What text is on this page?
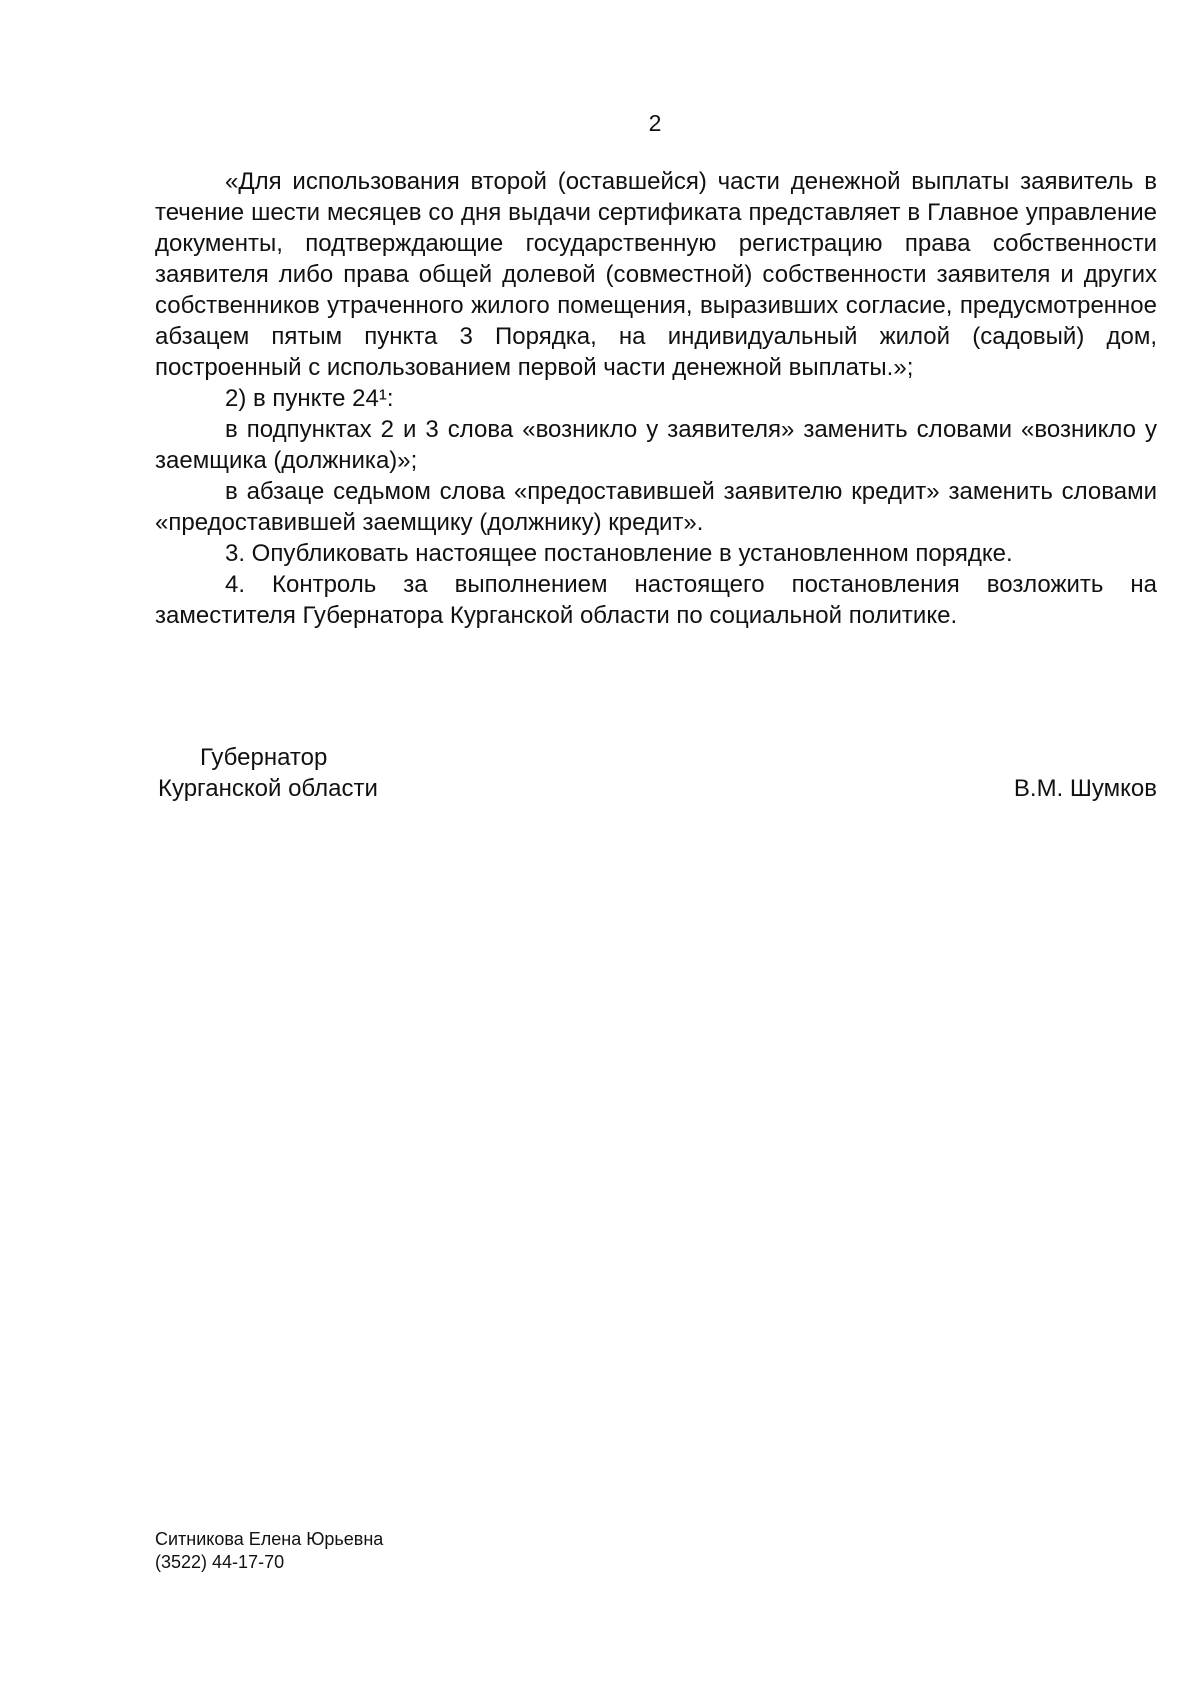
2

«Для использования второй (оставшейся) части денежной выплаты заявитель в течение шести месяцев со дня выдачи сертификата представляет в Главное управление документы, подтверждающие государственную регистрацию права собственности заявителя либо права общей долевой (совместной) собственности заявителя и других собственников утраченного жилого помещения, выразивших согласие, предусмотренное абзацем пятым пункта 3 Порядка, на индивидуальный жилой (садовый) дом, построенный с использованием первой части денежной выплаты.»;

2) в пункте 24¹:

в подпунктах 2 и 3 слова «возникло у заявителя» заменить словами «возникло у заемщика (должника)»;

в абзаце седьмом слова «предоставившей заявителю кредит» заменить словами «предоставившей заемщику (должнику) кредит».

3. Опубликовать настоящее постановление в установленном порядке.

4. Контроль за выполнением настоящего постановления возложить на заместителя Губернатора Курганской области по социальной политике.

Губернатор
Курганской области	В.М. Шумков
Ситникова Елена Юрьевна
(3522) 44-17-70
